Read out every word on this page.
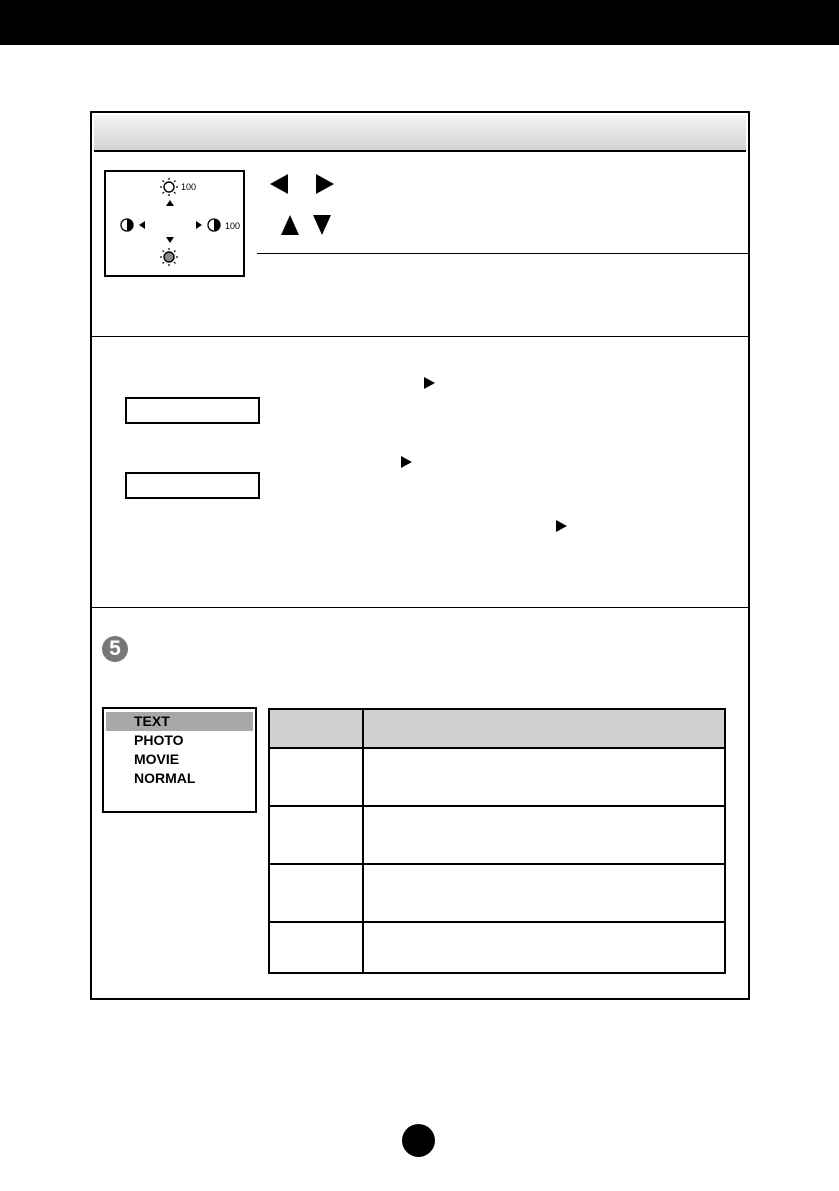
100
100
5
TEXT
PHOTO
MOVIE
NORMAL
